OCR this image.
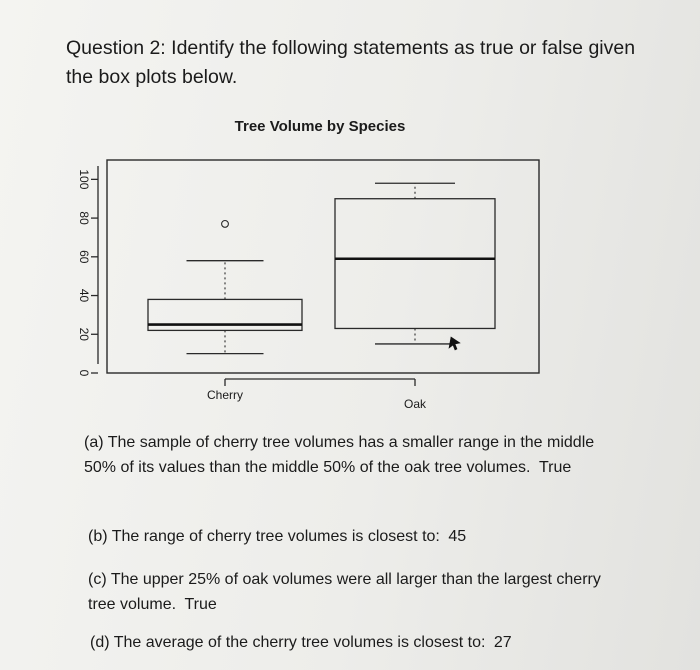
Question 2: Identify the following statements as true or false given the box plots below.
Tree Volume by Species
0
20
40
60
80
100
Cherry
Oak

(a) The sample of cherry tree volumes has a smaller range in the middle 50% of its values than the middle 50% of the oak tree volumes. True

(b) The range of cherry tree volumes is closest to: 45

(c) The upper 25% of oak volumes were all larger than the largest cherry tree volume. True

(d) The average of the cherry tree volumes is closest to: 27
